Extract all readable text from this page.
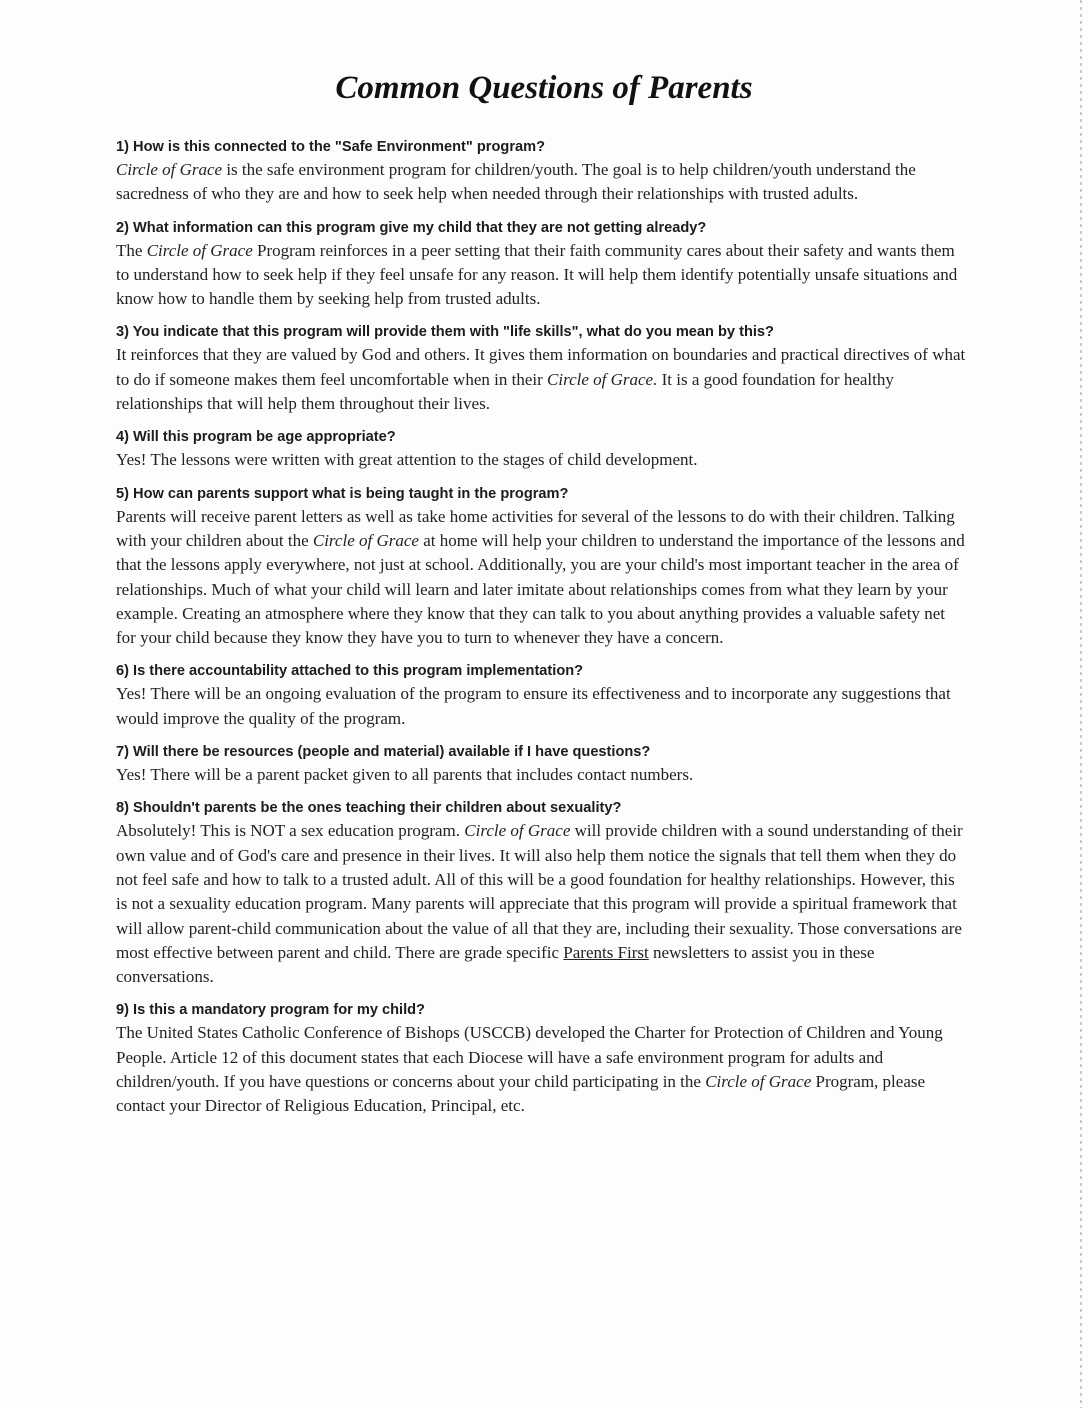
Common Questions of Parents

1) How is this connected to the "Safe Environment" program?

Circle of Grace is the safe environment program for children/youth. The goal is to help children/youth understand the sacredness of who they are and how to seek help when needed through their relationships with trusted adults.

2) What information can this program give my child that they are not getting already?

The Circle of Grace Program reinforces in a peer setting that their faith community cares about their safety and wants them to understand how to seek help if they feel unsafe for any reason. It will help them identify potentially unsafe situations and know how to handle them by seeking help from trusted adults.

3) You indicate that this program will provide them with "life skills", what do you mean by this?

It reinforces that they are valued by God and others. It gives them information on boundaries and practical directives of what to do if someone makes them feel uncomfortable when in their Circle of Grace. It is a good foundation for healthy relationships that will help them throughout their lives.

4) Will this program be age appropriate?

Yes! The lessons were written with great attention to the stages of child development.

5) How can parents support what is being taught in the program?

Parents will receive parent letters as well as take home activities for several of the lessons to do with their children. Talking with your children about the Circle of Grace at home will help your children to understand the importance of the lessons and that the lessons apply everywhere, not just at school. Additionally, you are your child's most important teacher in the area of relationships. Much of what your child will learn and later imitate about relationships comes from what they learn by your example. Creating an atmosphere where they know that they can talk to you about anything provides a valuable safety net for your child because they know they have you to turn to whenever they have a concern.

6) Is there accountability attached to this program implementation?

Yes! There will be an ongoing evaluation of the program to ensure its effectiveness and to incorporate any suggestions that would improve the quality of the program.

7) Will there be resources (people and material) available if I have questions?

Yes! There will be a parent packet given to all parents that includes contact numbers.

8) Shouldn't parents be the ones teaching their children about sexuality?

Absolutely! This is NOT a sex education program. Circle of Grace will provide children with a sound understanding of their own value and of God's care and presence in their lives. It will also help them notice the signals that tell them when they do not feel safe and how to talk to a trusted adult. All of this will be a good foundation for healthy relationships. However, this is not a sexuality education program. Many parents will appreciate that this program will provide a spiritual framework that will allow parent-child communication about the value of all that they are, including their sexuality. Those conversations are most effective between parent and child. There are grade specific Parents First newsletters to assist you in these conversations.

9) Is this a mandatory program for my child?

The United States Catholic Conference of Bishops (USCCB) developed the Charter for Protection of Children and Young People. Article 12 of this document states that each Diocese will have a safe environment program for adults and children/youth. If you have questions or concerns about your child participating in the Circle of Grace Program, please contact your Director of Religious Education, Principal, etc.
